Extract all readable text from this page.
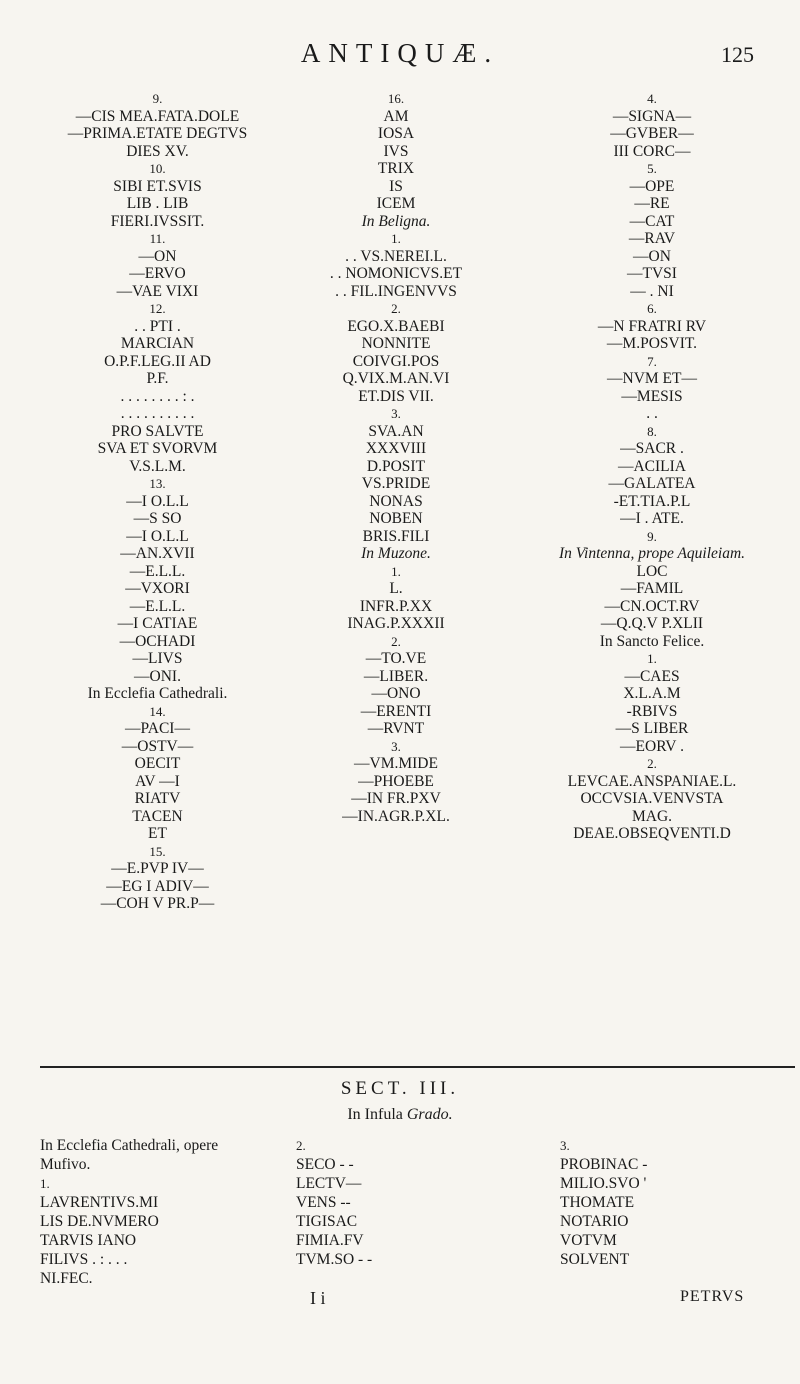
ANTIQUÆ.	125
9.
—CIS MEA.FATA.DOLE
—PRIMA.ETATE DEGTVS
DIES XV.
10.
SIBI ET.SVIS
LIB . LIB
FIERI.IVSSIT.
11.
—ON
—ERVO
—VAE VIXI
12.
. . PTI .
MARCIAN
O.P.F.LEG.II AD
P.F.
. . . . . . . . : .
. . . . . . . . . .
PRO SALVTE
SVA ET SVORVM
V.S.L.M.
13.
—I O.L.L
—S SO
—I O.L.L
—AN.XVII
—E.L.L.
—VXORI
—E.L.L.
—I CATIAE
—OCHADI
—LIVS
—ONI.
In Ecclefia Cathedrali.
14.
—PACI—
—OSTV—
OECIT
AV —I
RIATV
TACEN
ET
15.
—E.PVP IV—
—EG I ADIV—
—COH V PR.P—
16.
AM
IOSA
IVS
TRIX
IS
ICEM
In Beligna.
1.
. . VS.NEREI.L.
. . NOMONICVS.ET
. . FIL.INGENVVS
2.
EGO.X.BAEBI
NONNITE
COIVGI.POS
Q.VIX.M.AN.VI
ET.DIS VII.
3.
SVA.AN
XXXVIII
D.POSIT
VS.PRIDE
NONAS
NOBEN
BRIS.FILI
In Muzone.
1.
L.
INFR.P.XX
INAG.P.XXXII
2.
—TO.VE
—LIBER.
—ONO
—ERENTI
—RVNT
3.
—VM.MIDE
—PHOEBE
—IN FR.PXV
—IN.AGR.P.XL.
4.
—SIGNA—
—GVBER—
III CORC—
5.
—OPE
—RE
—CAT
—RAV
—ON
—TVSI
— . NI
6.
—N FRATRI RV
—M.POSVIT.
7.
—NVM ET—
—MESIS
. .
8.
—SACR .
—ACILIA
—GALATEA
-ET.TIA.P.L
—I . ATE.
9.
In Vintenna, prope Aquileiam.
LOC
—FAMIL
—CN.OCT.RV
—Q.Q.V P.XLII
In Sancto Felice.
1.
—CAES
X.L.A.M
-RBIVS
—S LIBER
—EORV .
2.
LEVCAE.ANSPANIAE.L.
OCCVSIA.VENVSTA
MAG.
DEAE.OBSEQVENTI.D
SECT. III.
In Infula Grado.
In Ecclefia Cathedrali, opere
Mufivo.
1.
LAVRENTIVS.MI
LIS DE.NVMERO
TARVIS IANO
FILIVS . : . . .
NI.FEC.
2.
SECO - -
LECTV—
VENS --
TIGISAC
FIMIA.FV
TVM.SO - -
3.
PROBINAC -
MILIO.SVO '
THOMATE
NOTARIO
VOTVM
SOLVENT
I i	PETRVS
